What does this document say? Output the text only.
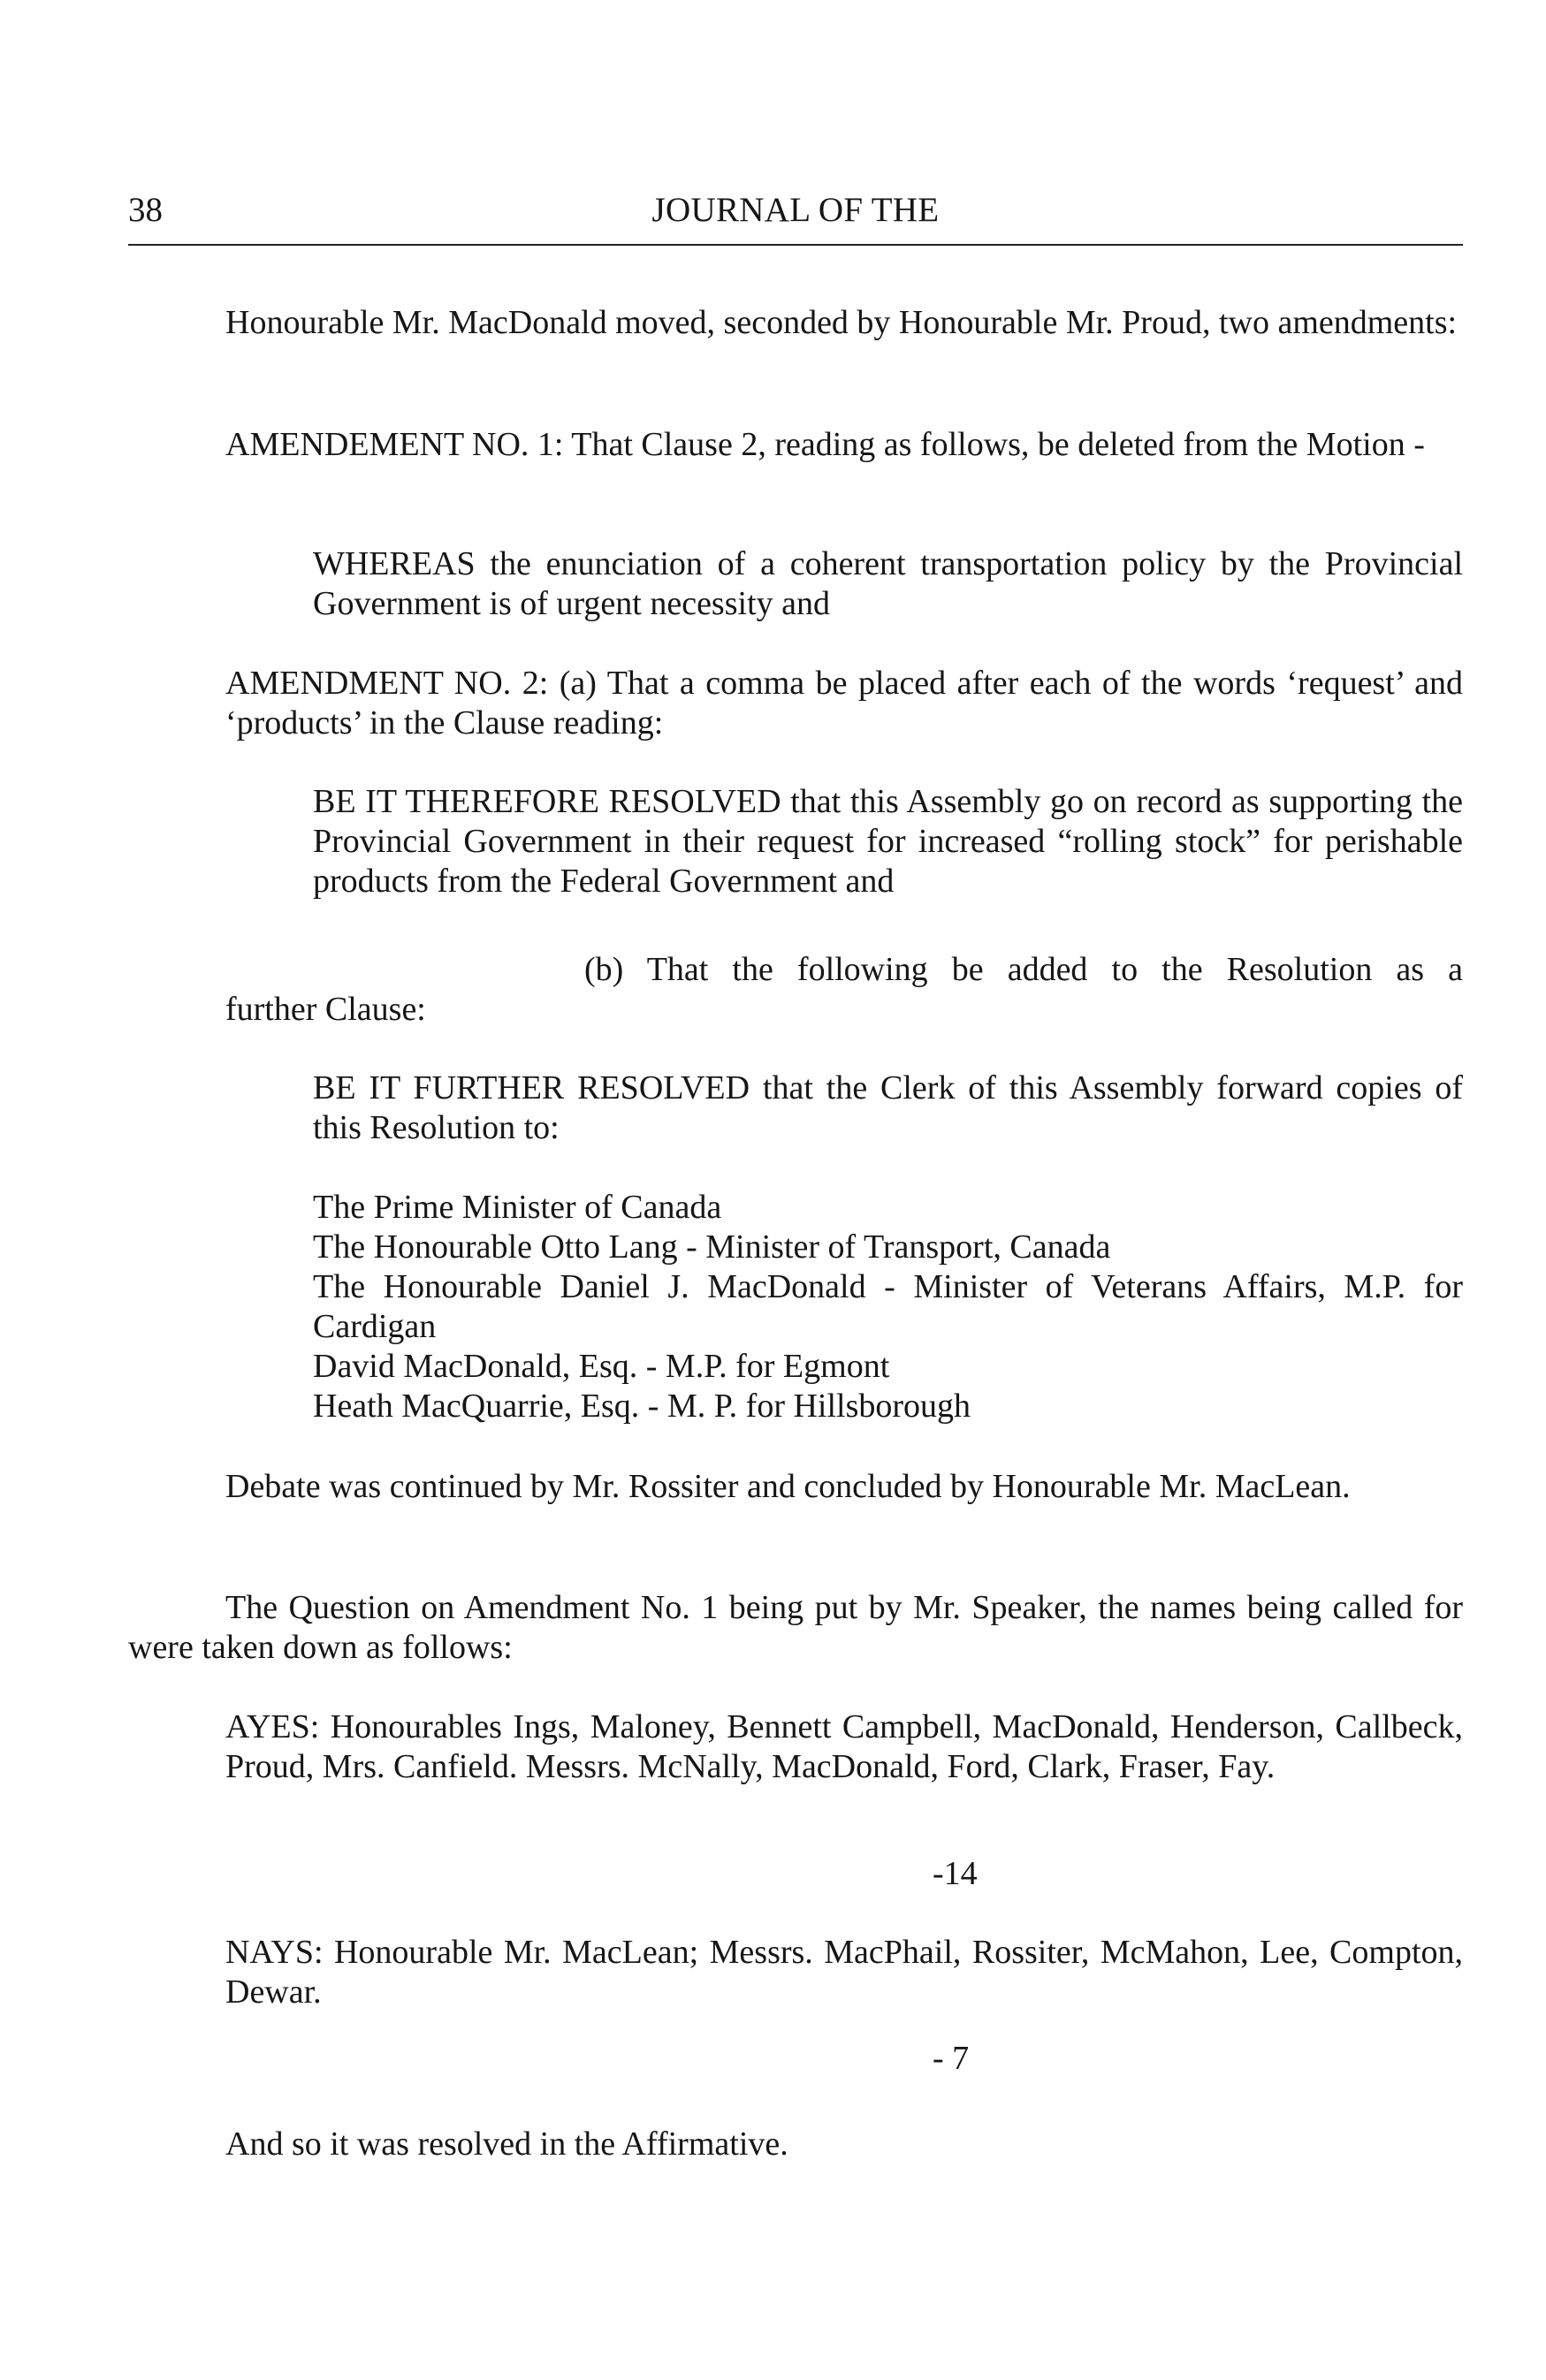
38	JOURNAL OF THE
Honourable Mr. MacDonald moved, seconded by Honourable Mr. Proud, two amendments:
AMENDEMENT NO. 1: That Clause 2, reading as follows, be deleted from the Motion -
WHEREAS the enunciation of a coherent transportation policy by the Provincial Government is of urgent necessity and
AMENDMENT NO. 2: (a) That a comma be placed after each of the words ‘request’ and ‘products’ in the Clause reading:
BE IT THEREFORE RESOLVED that this Assembly go on record as supporting the Provincial Government in their request for increased “rolling stock” for perishable products from the Federal Government and
(b) That the following be added to the Resolution as a
further Clause:
BE IT FURTHER RESOLVED that the Clerk of this Assembly forward copies of this Resolution to:
The Prime Minister of Canada
The Honourable Otto Lang - Minister of Transport, Canada
The Honourable Daniel J. MacDonald - Minister of Veterans Affairs, M.P. for Cardigan
David MacDonald, Esq. - M.P. for Egmont
Heath MacQuarrie, Esq. - M. P. for Hillsborough
Debate was continued by Mr. Rossiter and concluded by Honourable Mr. MacLean.
The Question on Amendment No. 1 being put by Mr. Speaker, the names being called for were taken down as follows:
AYES: Honourables Ings, Maloney, Bennett Campbell, MacDonald, Henderson, Callbeck, Proud, Mrs. Canfield. Messrs. McNally, MacDonald, Ford, Clark, Fraser, Fay.
-14
NAYS: Honourable Mr. MacLean; Messrs. MacPhail, Rossiter, McMahon, Lee, Compton, Dewar.
- 7
And so it was resolved in the Affirmative.
